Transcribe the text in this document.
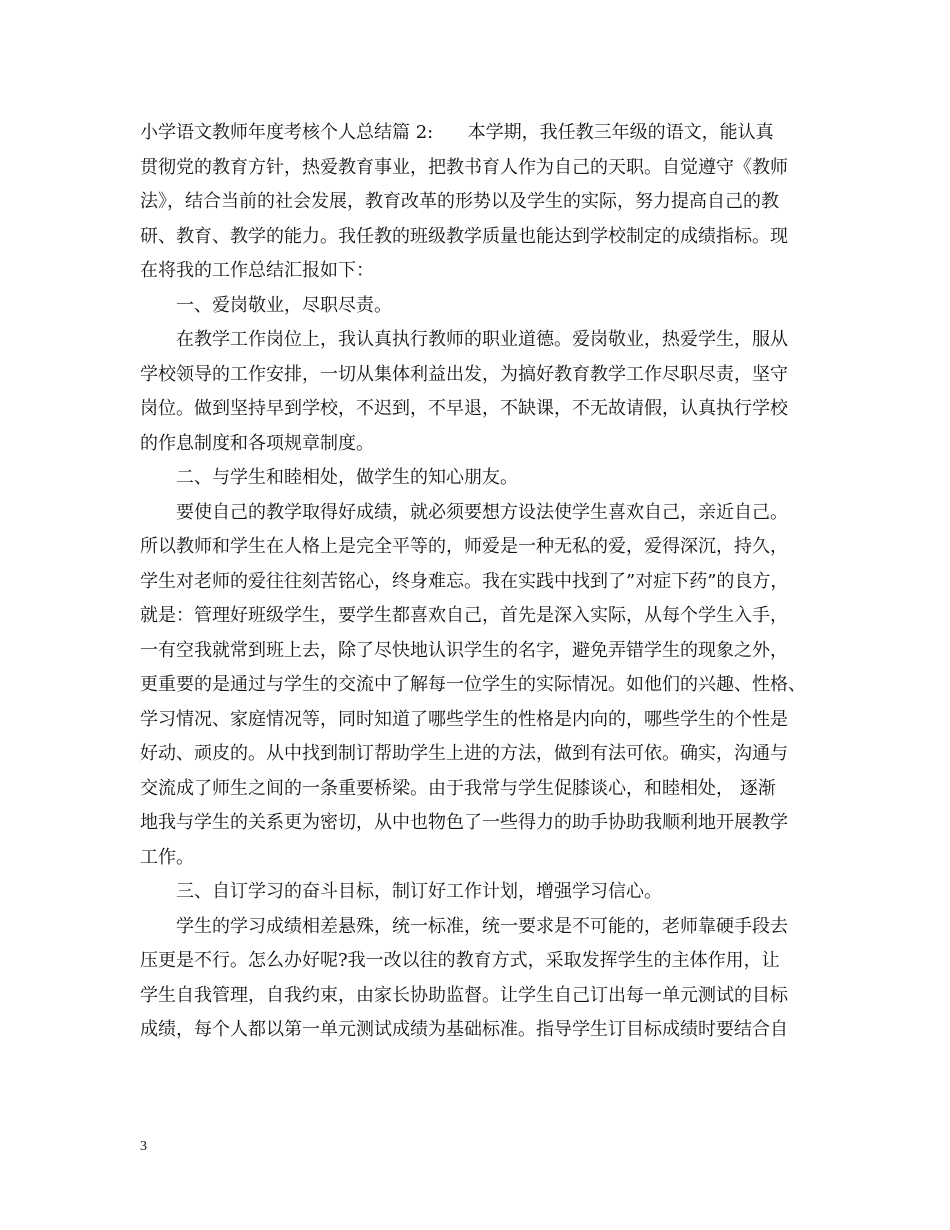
小学语文教师年度考核个人总结篇 2:      本学期，我任教三年级的语文，能认真
贯彻党的教育方针，热爱教育事业，把教书育人作为自己的天职。自觉遵守《教师
法》，结合当前的社会发展，教育改革的形势以及学生的实际，努力提高自己的教
研、教育、教学的能力。我任教的班级教学质量也能达到学校制定的成绩指标。现
在将我的工作总结汇报如下：
一、爱岗敬业，尽职尽责。
在教学工作岗位上，我认真执行教师的职业道德。爱岗敬业，热爱学生，服从
学校领导的工作安排，一切从集体利益出发，为搞好教育教学工作尽职尽责，坚守
岗位。做到坚持早到学校，不迟到，不早退，不缺课，不无故请假，认真执行学校
的作息制度和各项规章制度。
二、与学生和睦相处，做学生的知心朋友。
要使自己的教学取得好成绩，就必须要想方设法使学生喜欢自己，亲近自己。
所以教师和学生在人格上是完全平等的，师爱是一种无私的爱，爱得深沉，持久，
学生对老师的爱往往刻苦铭心，终身难忘。我在实践中找到了”对症下药”的良方，
就是：管理好班级学生，要学生都喜欢自己，首先是深入实际，从每个学生入手，
一有空我就常到班上去，除了尽快地认识学生的名字，避免弄错学生的现象之外，
更重要的是通过与学生的交流中了解每一位学生的实际情况。如他们的兴趣、性格、
学习情况、家庭情况等，同时知道了哪些学生的性格是内向的，哪些学生的个性是
好动、顽皮的。从中找到制订帮助学生上进的方法，做到有法可依。确实，沟通与
交流成了师生之间的一条重要桥梁。由于我常与学生促膝谈心，和睦相处， 逐渐
地我与学生的关系更为密切，从中也物色了一些得力的助手协助我顺利地开展教学
工作。
三、自订学习的奋斗目标，制订好工作计划，增强学习信心。
学生的学习成绩相差悬殊，统一标准，统一要求是不可能的，老师靠硬手段去
压更是不行。怎么办好呢?我一改以往的教育方式，采取发挥学生的主体作用，让
学生自我管理，自我约束，由家长协助监督。让学生自己订出每一单元测试的目标
成绩，每个人都以第一单元测试成绩为基础标准。指导学生订目标成绩时要结合自
3
